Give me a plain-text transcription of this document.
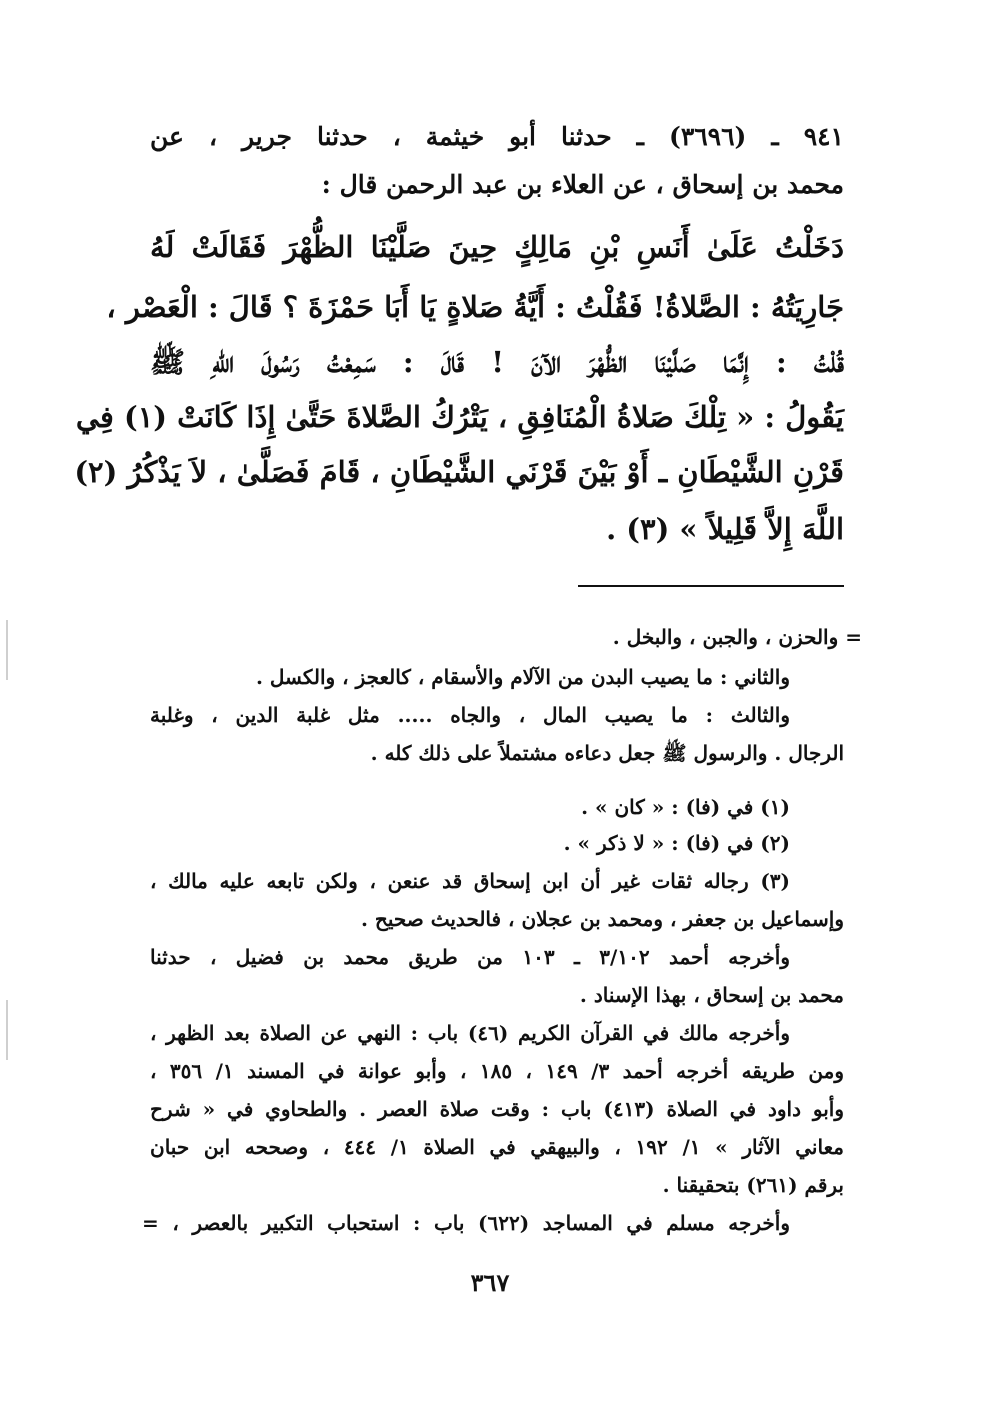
٩٤١ ـ (٣٦٩٦) ـ حدثنا أبو خيثمة ، حدثنا جرير ، عن
محمد بن إسحاق ، عن العلاء بن عبد الرحمن قال :
دَخَلْتُ عَلَىٰ أَنَسِ بْنِ مَالِكٍ حِينَ صَلَّيْنَا الظُّهْرَ فَقَالَتْ لَهُ
جَارِيَتُهُ : الصَّلاةُ! فَقُلْتُ : أَيَّةُ صَلاةٍ يَا أَبَا حَمْزَةَ ؟ قَالَ : الْعَصْر ،
قُلْتُ : إِنَّمَا صَلَّيْنَا الظُّهْرَ الآنَ ! قَالَ : سَمِعْتُ رَسُولَ اللهِ ﷺ
يَقُولُ : « تِلْكَ صَلاةُ الْمُنَافِقِ ، يَتْرُكُ الصَّلاةَ حَتَّىٰ إِذَا كَانَتْ (١) فِي
قَرْنِ الشَّيْطَانِ ـ أَوْ بَيْنَ قَرْنَي الشَّيْطَانِ ، قَامَ فَصَلَّىٰ ، لاَ يَذْكُرُ (٢)
اللَّهَ إِلاَّ قَلِيلاً » (٣) .
= والحزن ، والجبن ، والبخل .
والثاني : ما يصيب البدن من الآلام والأسقام ، كالعجز ، والكسل .
والثالث : ما يصيب المال ، والجاه ..... مثل غلبة الدين ، وغلبة
الرجال . والرسول ﷺ جعل دعاءه مشتملاً على ذلك كله .
(١) في (فا) : « كان » .
(٢) في (فا) : « لا ذكر » .
(٣) رجاله ثقات غير أن ابن إسحاق قد عنعن ، ولكن تابعه عليه مالك ،
وإسماعيل بن جعفر ، ومحمد بن عجلان ، فالحديث صحيح .
وأخرجه أحمد ٣/١٠٢ ـ ١٠٣ من طريق محمد بن فضيل ، حدثنا
محمد بن إسحاق ، بهذا الإسناد .
وأخرجه مالك في القرآن الكريم (٤٦) باب : النهي عن الصلاة بعد الظهر ،
ومن طريقه أخرجه أحمد ٣/ ١٤٩ ، ١٨٥ ، وأبو عوانة في المسند ١/ ٣٥٦ ،
وأبو داود في الصلاة (٤١٣) باب : وقت صلاة العصر . والطحاوي في « شرح
معاني الآثار » ١/ ١٩٢ ، والبيهقي في الصلاة ١/ ٤٤٤ ، وصححه ابن حبان
برقم (٢٦١) بتحقيقنا .
وأخرجه مسلم في المساجد (٦٢٢) باب : استحباب التكبير بالعصر ، =
٣٦٧
